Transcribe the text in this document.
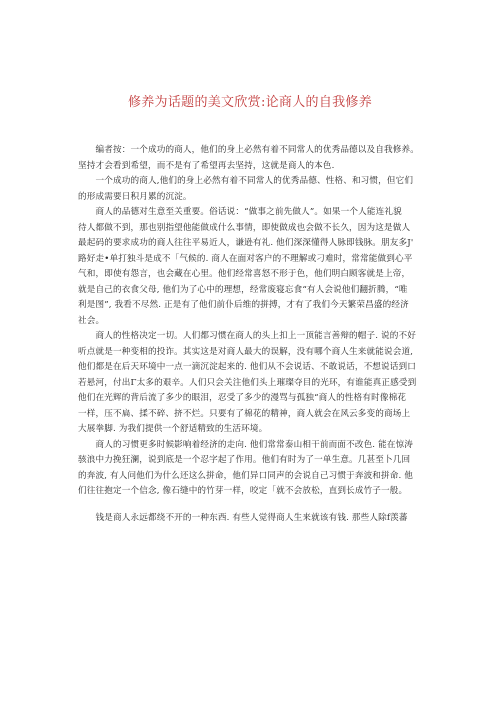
修养为话题的美文欣赏:论商人的自我修养
　　编者按：一个成功的商人，他们的身上必然有着不同常人的优秀品德以及自我修养。
坚持才会看到希望，而不是有了希望再去坚持，这就是商人的本色.
　　一个成功的商人,他们的身上必然有着不同常人的优秀品德、性格、和习惯，但它们
的形成需要日积月累的沉淀。
　　商人的品德对生意至关重要。俗话说：“做事之前先做人”。如果一个人能连礼貌
待人都做不到，那也别指望他能做成什么事情，即使做成也会做不长久，因为这是做人
最起码的要求成功的商人往往平易近人，谦逊有礼. 他们深深懂得人脉即钱脉。朋友多J'
路好走•单打独斗是成不「气候的. 商人在面对客户的不理解或刁难时，常常能做到心平
气和，即使有怨言，也会藏在心里。他们经常喜怒不形于色，他们明白顾客就是上帝，
就是自己的衣食父母, 他们为了心中的理想，经常废寝忘食“有人会说他们翻折腾，“唯
利是图”, 我看不尽然. 正是有了他们前仆后维的拼搏，才有了我们今天繁荣昌盛的经济
社会。
　　商人的性格决定一切。人们都习惯在商人的头上扣上一顶能言善辩的帽子. 说的不好
听点就是一种变相的投诈。其实这是对商人最大的误解，没有哪个商人生来就能说会道,
他们都是在后天环境中一点一滴沉淀起来的. 他们从不会说话、不敢说话，不想说话到口
若悬河，付出Γ太多的艰辛。人们只会关注他们头上璀璨夺目的光环，有谁能真正感受到
他们在光辉的背后流了多少的眼泪，忍受了多少的漫骂与孤独“商人的性格有时像棉花
一样，压不扁、揉不碎、挤不烂。只要有了棉花的精神，商人就会在风云多变的商场上
大展拳脚. 为我们提供一个舒适精致的生活环境。
　　商人的习惯更多时候影响着经济的走向. 他们常常泰山相干前而面不改色. 能在惊涛
骇浪中力挽狂澜，说到底是一个忍字起了作用。他们有时为了一单生意。几甚至卜几回
的奔波, 有人问他们为什么还这么拼命，他们异口同声的会说自己习惯于奔波和拼命. 他
们往往抱定一个信念, 像石缝中的竹芽一样，咬定「就不会放松，直到长成竹子一般。
　　钱是商人永远都绕不开的一种东西. 有些人觉得商人生来就该有钱. 那些人除f羡蕃
